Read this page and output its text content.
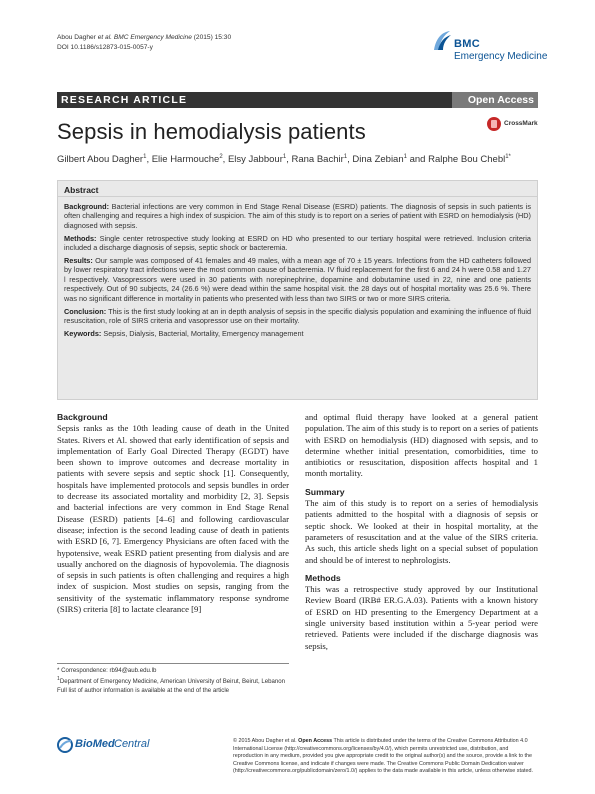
Abou Dagher et al. BMC Emergency Medicine (2015) 15:30
DOI 10.1186/s12873-015-0057-y	BMC
Emergency Medicine
RESEARCH ARTICLE	Open Access
Sepsis in hemodialysis patients	CrossMark
Gilbert Abou Dagher$^1$, Elie Harmouche$^2$, Elsy Jabbour$^1$, Rana Bachir$^1$, Dina Zebian$^1$ and Ralphe Bou Chebl$^{1*}$
Abstract

Background: Bacterial infections are very common in End Stage Renal Disease (ESRD) patients. The diagnosis of sepsis in such patients is often challenging and requires a high index of suspicion. The aim of this study is to report on a series of patient with ESRD on hemodialysis (HD) diagnosed with sepsis.

Methods: Single center retrospective study looking at ESRD on HD who presented to our tertiary hospital were retrieved. Inclusion criteria included a discharge diagnosis of sepsis, septic shock or bacteremia.

Results: Our sample was composed of 41 females and 49 males, with a mean age of 70 ± 15 years. Infections from the HD catheters followed by lower respiratory tract infections were the most common cause of bacteremia. IV fluid replacement for the first 6 and 24 h were 0.58 and 1.27 l respectively. Vasopressors were used in 30 patients with norepinephrine, dopamine and dobutamine used in 22, nine and one patients respectively. Out of 90 subjects, 24 (26.6 %) were dead within the same hospital visit. the 28 days out of hospital mortality was 25.6 %. There was no significant difference in mortality in patients who presented with less than two SIRS or two or more SIRS criteria.

Conclusion: This is the first study looking at an in depth analysis of sepsis in the specific dialysis population and examining the influence of fluid resuscitation, role of SIRS criteria and vasopressor use on their mortality.

Keywords: Sepsis, Dialysis, Bacterial, Mortality, Emergency management

Background

Sepsis ranks as the 10th leading cause of death in the United States. Rivers et Al. showed that early identification of sepsis and implementation of Early Goal Directed Therapy (EGDT) have been shown to improve outcomes and decrease mortality in patients with severe sepsis and septic shock [1]. Consequently, hospitals have implemented protocols and sepsis bundles in order to decrease its associated mortality and morbidity [2, 3]. Sepsis and bacterial infections are very common in End Stage Renal Disease (ESRD) patients [4–6] and following cardiovascular disease; infection is the second leading cause of death in patients with ESRD [6, 7]. Emergency Physicians are often faced with the hypotensive, weak ESRD patient presenting from dialysis and are usually anchored on the diagnosis of hypovolemia. The diagnosis of sepsis in such patients is often challenging and requires a high index of suspicion. Most studies on sepsis, ranging from the sensitivity of the systematic inflammatory response syndrome (SIRS) criteria [8] to lactate clearance [9]

and optimal fluid therapy have looked at a general patient population. The aim of this study is to report on a series of patients with ESRD on hemodialysis (HD) diagnosed with sepsis, and to determine whether initial presentation, comorbidities, time to antibiotics or resuscitation, disposition affects hospital and 1 month mortality.

Summary

The aim of this study is to report on a series of hemodialysis patients admitted to the hospital with a diagnosis of sepsis or septic shock. We looked at their in hospital mortality, at the parameters of resuscitation and at the value of the SIRS criteria. As such, this article sheds light on a special subset of population and should be of interest to nephrologists.

Methods

This was a retrospective study approved by our Institutional Review Board (IRB# ER.G.A.03). Patients with a known history of ESRD on HD presenting to the Emergency Department at a single university based institution within a 5-year period were retrieved. Patients were included if the discharge diagnosis was sepsis,

* Correspondence: rb94@aub.edu.lb

$^1$Department of Emergency Medicine, American University of Beirut, Beirut, Lebanon

Full list of author information is available at the end of the article

BioMed Central	© 2015 Abou Dagher et al. Open Access This article is distributed under the terms of the Creative Commons Attribution 4.0 International License (http://creativecommons.org/licenses/by/4.0/), which permits unrestricted use, distribution, and reproduction in any medium, provided you give appropriate credit to the original author(s) and the source, provide a link to the Creative Commons license, and indicate if changes were made. The Creative Commons Public Domain Dedication waiver (http://creativecommons.org/publicdomain/zero/1.0/) applies to the data made available in this article, unless otherwise stated.
